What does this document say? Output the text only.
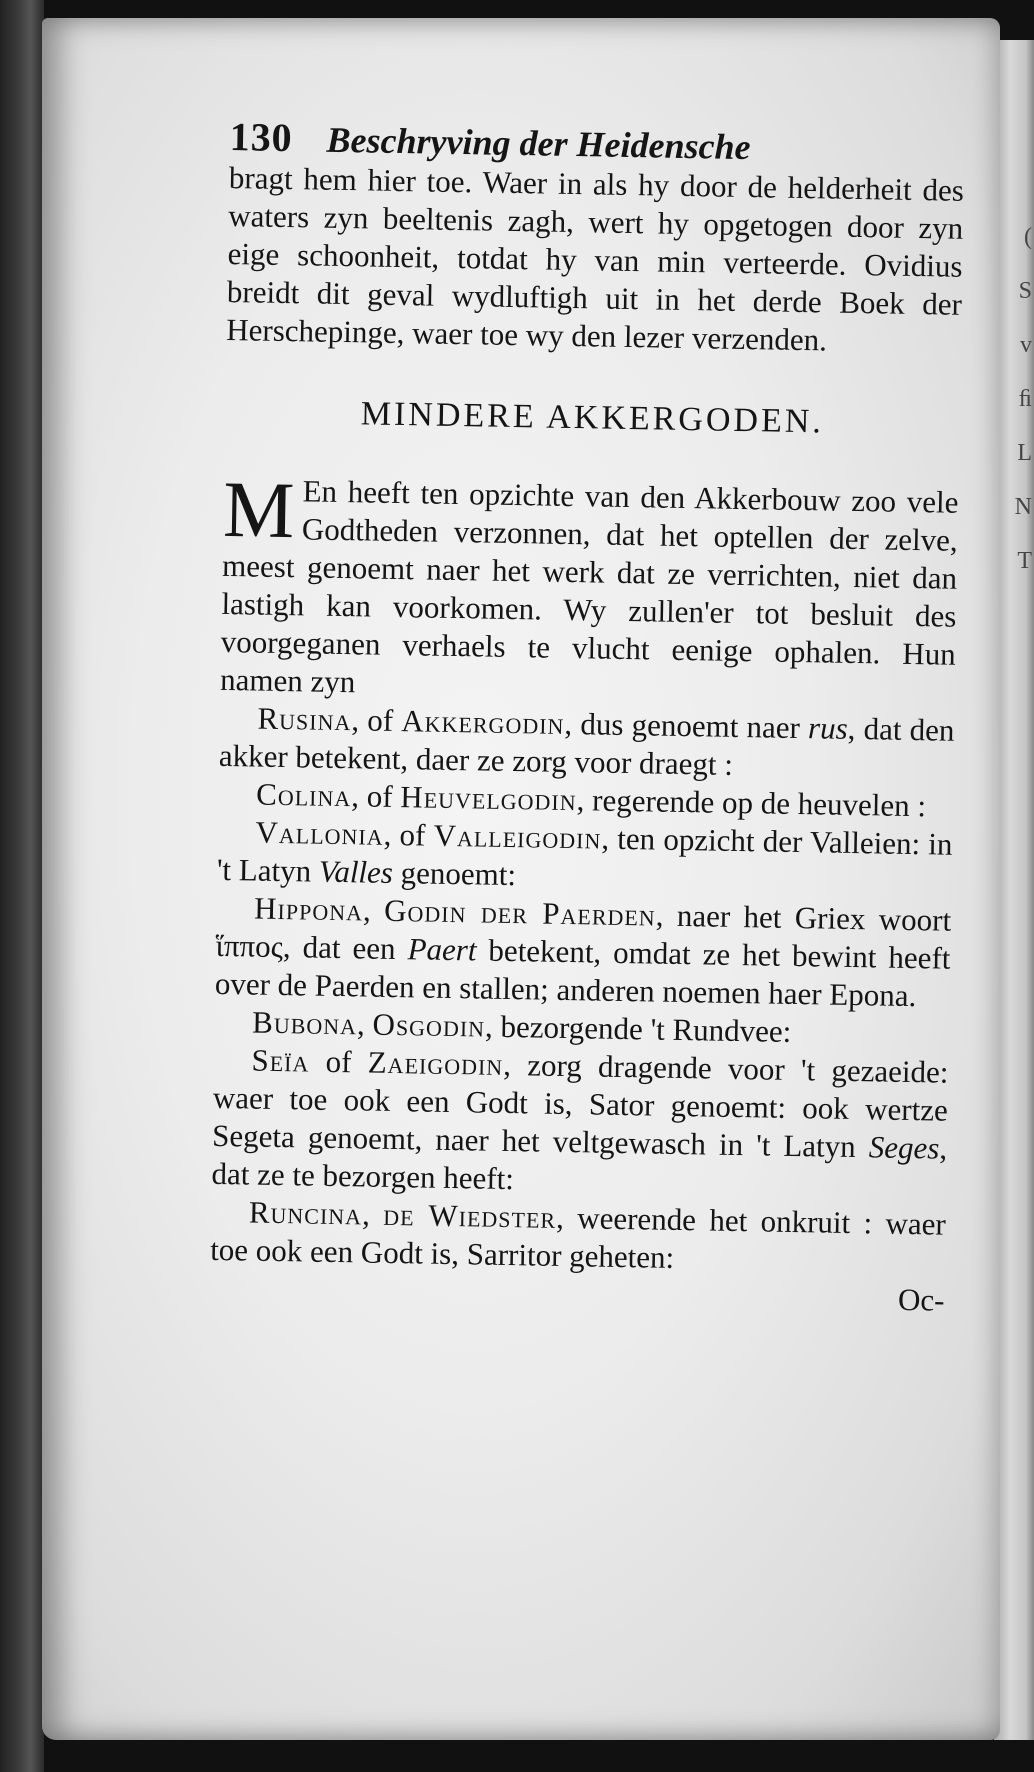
(
S
v
ﬁ
L
N
T
130 Beschryving der Heidensche

bragt hem hier toe. Waer in als hy door de helderheit des waters zyn beeltenis zagh, wert hy opgetogen door zyn eige schoonheit, totdat hy van min verteerde. Ovidius breidt dit geval wydluftigh uit in het derde Boek der Herschepinge, waer toe wy den lezer verzenden.

MINDERE AKKERGODEN.

M En heeft ten opzichte van den Akkerbouw zoo vele Godtheden verzonnen, dat het optellen der zelve, meest genoemt naer het werk dat ze verrichten, niet dan lastigh kan voorkomen. Wy zullen'er tot besluit des voorgeganen verhaels te vlucht eenige ophalen. Hun namen zyn

Rusina, of Akkergodin, dus genoemt naer rus, dat den akker betekent, daer ze zorg voor draegt :

Colina, of Heuvelgodin, regerende op de heuvelen :

Vallonia, of Valleigodin, ten opzicht der Valleien: in 't Latyn Valles genoemt:

Hippona, Godin der Paerden, naer het Griex woort ἵππος, dat een Paert betekent, omdat ze het bewint heeft over de Paerden en stallen; anderen noemen haer Epona.

Bubona, Osgodin, bezorgende 't Rundvee:

Seïa of Zaeigodin, zorg dragende voor 't gezaeide: waer toe ook een Godt is, Sator genoemt: ook wertze Segeta genoemt, naer het veltgewasch in 't Latyn Seges, dat ze te bezorgen heeft:

Runcina, de Wiedster, weerende het onkruit : waer toe ook een Godt is, Sarritor geheten:

Oc-
